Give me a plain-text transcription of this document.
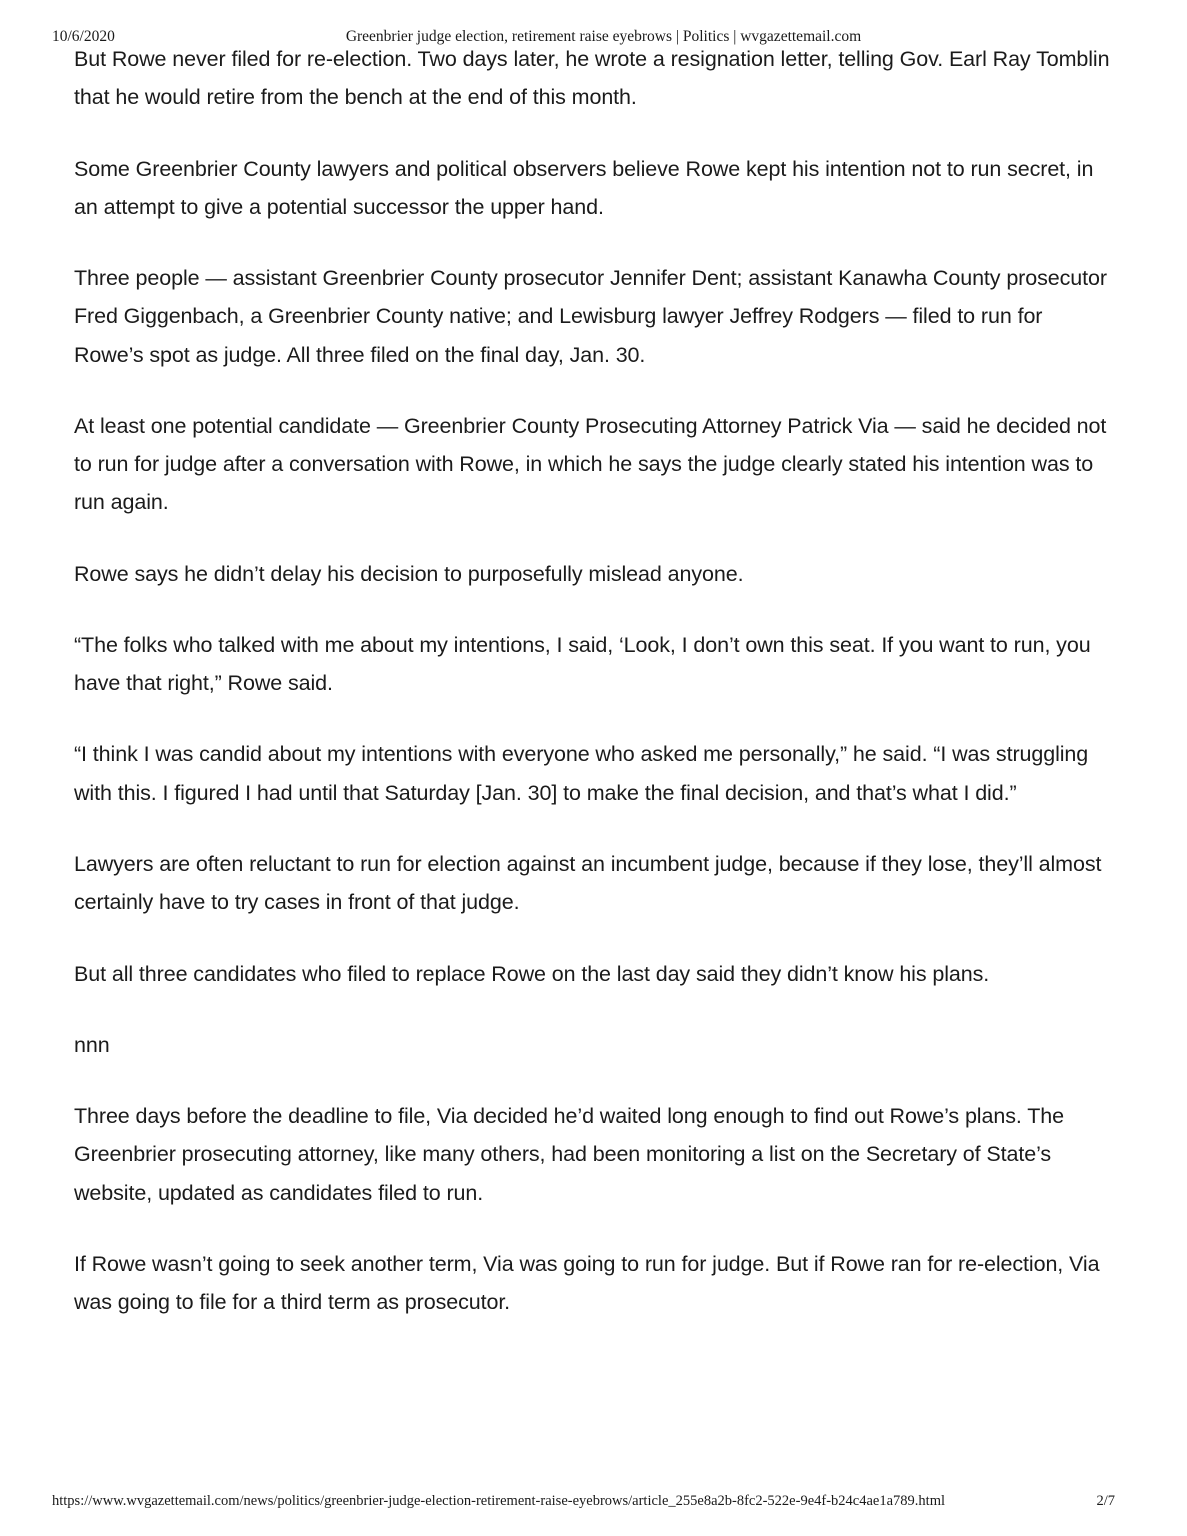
10/6/2020	Greenbrier judge election, retirement raise eyebrows | Politics | wvgazettemail.com

But Rowe never filed for re-election. Two days later, he wrote a resignation letter, telling Gov. Earl Ray Tomblin that he would retire from the bench at the end of this month.

Some Greenbrier County lawyers and political observers believe Rowe kept his intention not to run secret, in an attempt to give a potential successor the upper hand.

Three people — assistant Greenbrier County prosecutor Jennifer Dent; assistant Kanawha County prosecutor Fred Giggenbach, a Greenbrier County native; and Lewisburg lawyer Jeffrey Rodgers — filed to run for Rowe’s spot as judge. All three filed on the final day, Jan. 30.

At least one potential candidate — Greenbrier County Prosecuting Attorney Patrick Via — said he decided not to run for judge after a conversation with Rowe, in which he says the judge clearly stated his intention was to run again.

Rowe says he didn’t delay his decision to purposefully mislead anyone.

“The folks who talked with me about my intentions, I said, ‘Look, I don’t own this seat. If you want to run, you have that right,” Rowe said.

“I think I was candid about my intentions with everyone who asked me personally,” he said. “I was struggling with this. I figured I had until that Saturday [Jan. 30] to make the final decision, and that’s what I did.”

Lawyers are often reluctant to run for election against an incumbent judge, because if they lose, they’ll almost certainly have to try cases in front of that judge.

But all three candidates who filed to replace Rowe on the last day said they didn’t know his plans.

nnn

Three days before the deadline to file, Via decided he’d waited long enough to find out Rowe’s plans. The Greenbrier prosecuting attorney, like many others, had been monitoring a list on the Secretary of State’s website, updated as candidates filed to run.

If Rowe wasn’t going to seek another term, Via was going to run for judge. But if Rowe ran for re-election, Via was going to file for a third term as prosecutor.

https://www.wvgazettemail.com/news/politics/greenbrier-judge-election-retirement-raise-eyebrows/article_255e8a2b-8fc2-522e-9e4f-b24c4ae1a789.html	2/7
